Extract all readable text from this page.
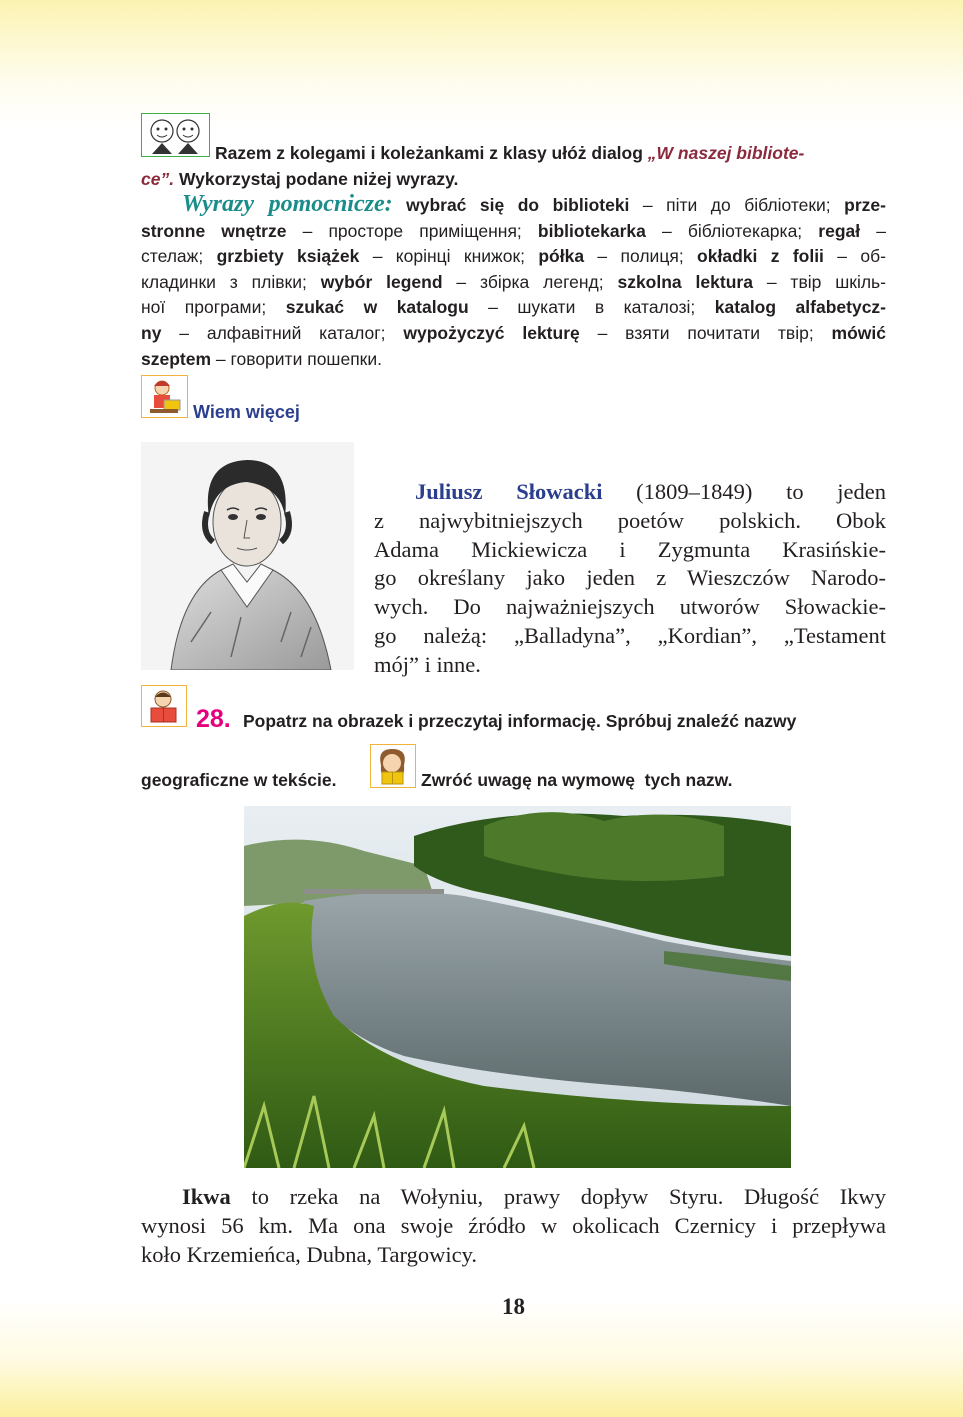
Razem z kolegami i koleżankami z klasy ułóż dialog „W naszej bibliote-
ce”. Wykorzystaj podane niżej wyrazy.
Wyrazy pomocnicze: wybrać się do biblioteki – піти до бібліотеки; prze-
stronne wnętrze – просторе приміщення; bibliotekarka – бібліотекарка; regał –
стелаж; grzbiety książek – корінці книжок; półka – полиця; okładki z folii – об-
кладинки з плівки; wybór legend – збірка легенд; szkolna lektura – твір шкіль-
ної програми; szukać w katalogu – шукати в каталозі; katalog alfabetycz-
ny – алфавітний каталог; wypożyczyć lekturę – взяти почитати твір; mówić
szeptem – говорити пошепки.
Wiem więcej
Juliusz Słowacki (1809–1849) to jeden
z najwybitniejszych poetów polskich. Obok
Adama Mickiewicza i Zygmunta Krasińskie-
go określany jako jeden z Wieszczów Narodo-
wych. Do najważniejszych utworów Słowackie-
go należą: „Balladyna”, „Kordian”, „Testament
mój” i inne.
28. Popatrz na obrazek i przeczytaj informację. Spróbuj znaleźć nazwy
geograficzne w tekście.	Zwróć uwagę na wymowę  tych nazw.
Ikwa to rzeka na Wołyniu, prawy dopływ Styru. Długość Ikwy
wynosi 56 km. Ma ona swoje źródło w okolicach Czernicy i przepływa
koło Krzemieńca, Dubna, Targowicy.
18
